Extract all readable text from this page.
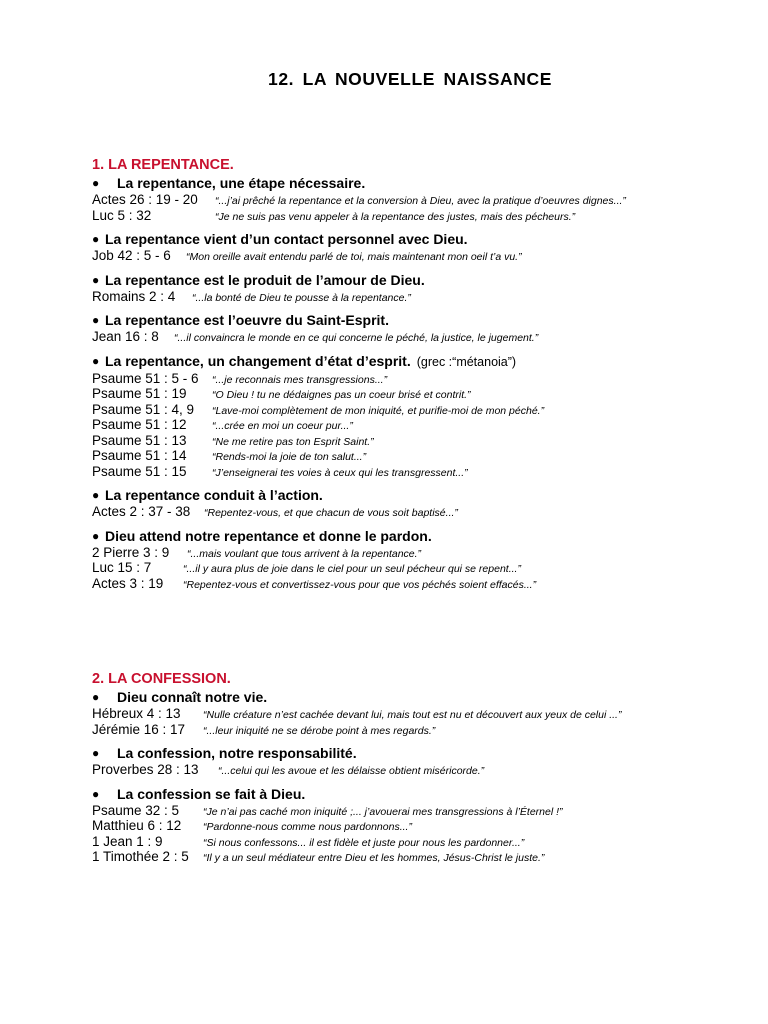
12. LA NOUVELLE NAISSANCE
1. LA REPENTANCE.
● La repentance, une étape nécessaire.
Actes 26 : 19 - 20	“...j’ai prêché la repentance et la conversion à Dieu, avec la pratique d’oeuvres dignes...”
Luc 5 : 32	“Je ne suis pas venu appeler à la repentance des justes, mais des pécheurs.”
● La repentance vient d’un contact personnel avec Dieu.
Job 42 : 5 - 6	“Mon oreille avait entendu parlé de toi, mais maintenant mon oeil t’a vu.”
● La repentance est le produit de l’amour de Dieu.
Romains 2 : 4	“...la bonté de Dieu te pousse à la repentance.”
● La repentance est l’oeuvre du Saint-Esprit.
Jean 16 : 8	“...il convaincra le monde en ce qui concerne le péché, la justice, le jugement.”
● La repentance, un changement d’état d’esprit. (grec :“métanoia”)
Psaume 51 : 5 - 6	“...je reconnais mes transgressions...”
Psaume 51 : 19	“O Dieu ! tu ne dédaignes pas un coeur brisé et contrit.”
Psaume 51 : 4, 9	“Lave-moi complètement de mon iniquité, et purifie-moi de mon péché.”
Psaume 51 : 12	“...crée en moi un coeur pur...”
Psaume 51 : 13	“Ne me retire pas ton Esprit Saint.”
Psaume 51 : 14	“Rends-moi la joie de ton salut...”
Psaume 51 : 15	“J’enseignerai tes voies à ceux qui les transgressent...”
● La repentance conduit à l’action.
Actes 2 : 37 - 38	“Repentez-vous, et que chacun de vous soit baptisé...”
● Dieu attend notre repentance et donne le pardon.
2 Pierre 3 : 9	“...mais voulant que tous arrivent à la repentance.”
Luc 15 : 7	“...il y aura plus de joie dans le ciel pour un seul pécheur qui se repent...”
Actes 3 : 19	“Repentez-vous et convertissez-vous pour que vos péchés soient effacés...”
2. LA CONFESSION.
● Dieu connaît notre vie.
Hébreux 4 : 13	“Nulle créature n’est cachée devant lui, mais tout est nu et découvert aux yeux de celui ...”
Jérémie 16 : 17	“...leur iniquité ne se dérobe point à mes regards.”
● La confession, notre responsabilité.
Proverbes 28 : 13	“...celui qui les avoue et les délaisse obtient miséricorde.”
● La confession se fait à Dieu.
Psaume 32 : 5	“Je n’ai pas caché mon iniquité ;... j’avouerai mes transgressions à l’Éternel !”
Matthieu 6 : 12	“Pardonne-nous comme nous pardonnons...”
1 Jean 1 : 9	“Si nous confessons... il est fidèle et juste pour nous les pardonner...”
1 Timothée 2 : 5	“Il y a un seul médiateur entre Dieu et les hommes, Jésus-Christ le juste.”
